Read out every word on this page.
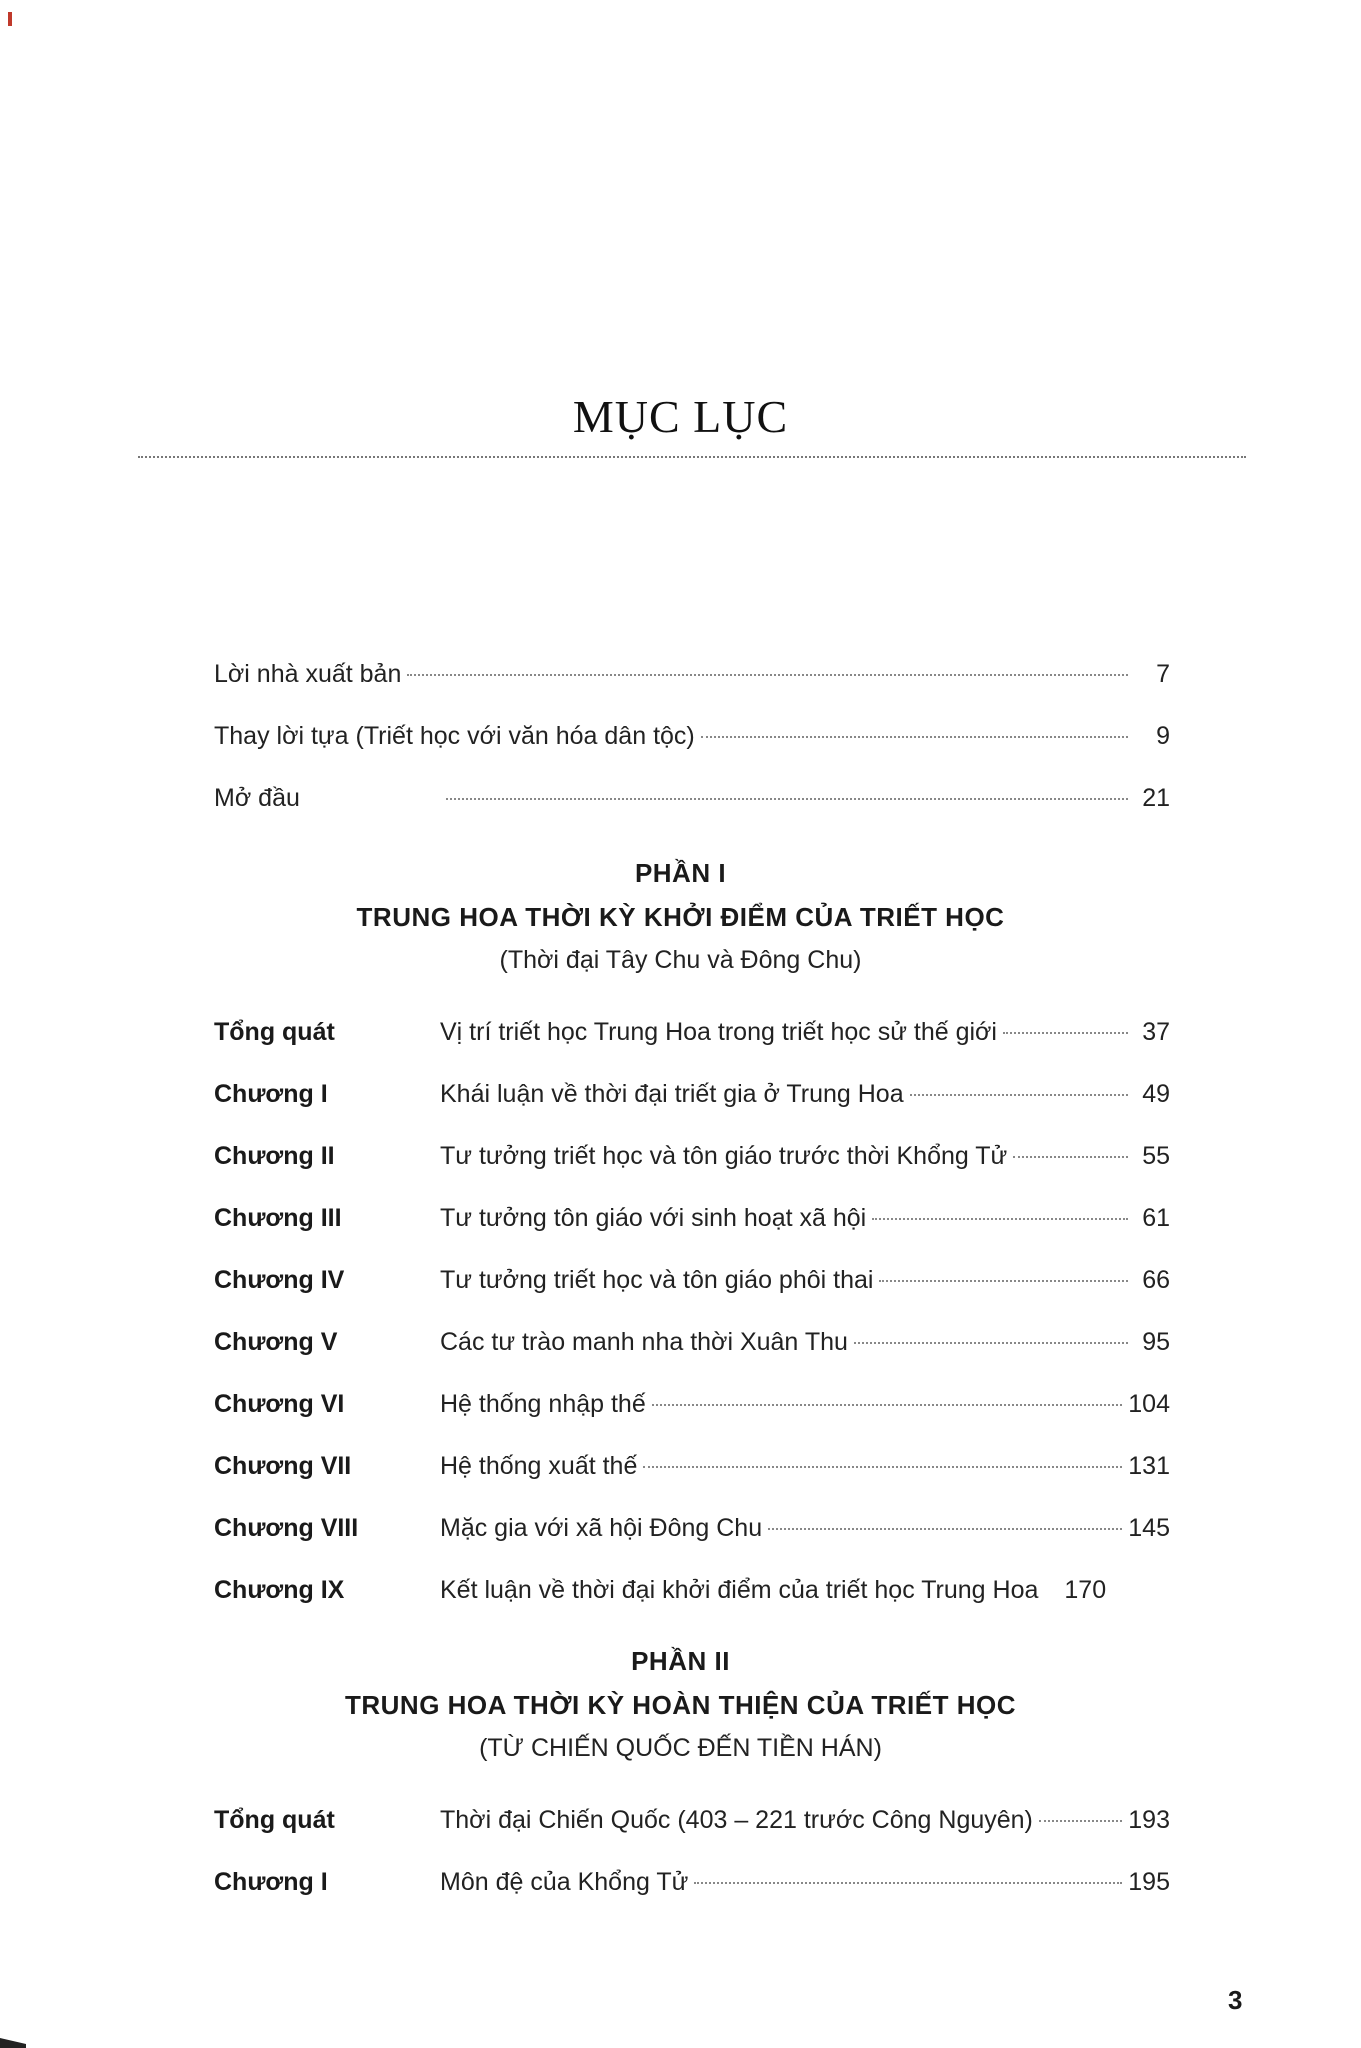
MỤC LỤC
Lời nhà xuất bản	7
Thay lời tựa (Triết học với văn hóa dân tộc)	9
Mở đầu	21
PHẦN I
TRUNG HOA THỜI KỲ KHỞI ĐIỂM CỦA TRIẾT HỌC
(Thời đại Tây Chu và Đông Chu)
Tổng quát	Vị trí triết học Trung Hoa trong triết học sử thế giới	37
Chương I	Khái luận về thời đại triết gia ở Trung Hoa	49
Chương II	Tư tưởng triết học và tôn giáo trước thời Khổng Tử	55
Chương III	Tư tưởng tôn giáo với sinh hoạt xã hội	61
Chương IV	Tư tưởng triết học và tôn giáo phôi thai	66
Chương V	Các tư trào manh nha thời Xuân Thu	95
Chương VI	Hệ thống nhập thế	104
Chương VII	Hệ thống xuất thế	131
Chương VIII	Mặc gia với xã hội Đông Chu	145
Chương IX	Kết luận về thời đại khởi điểm của triết học Trung Hoa 170
PHẦN II
TRUNG HOA THỜI KỲ HOÀN THIỆN CỦA TRIẾT HỌC
(TỪ CHIẾN QUỐC ĐẾN TIỀN HÁN)
Tổng quát	Thời đại Chiến Quốc (403 – 221 trước Công Nguyên)	193
Chương I	Môn đệ của Khổng Tử	195
3
